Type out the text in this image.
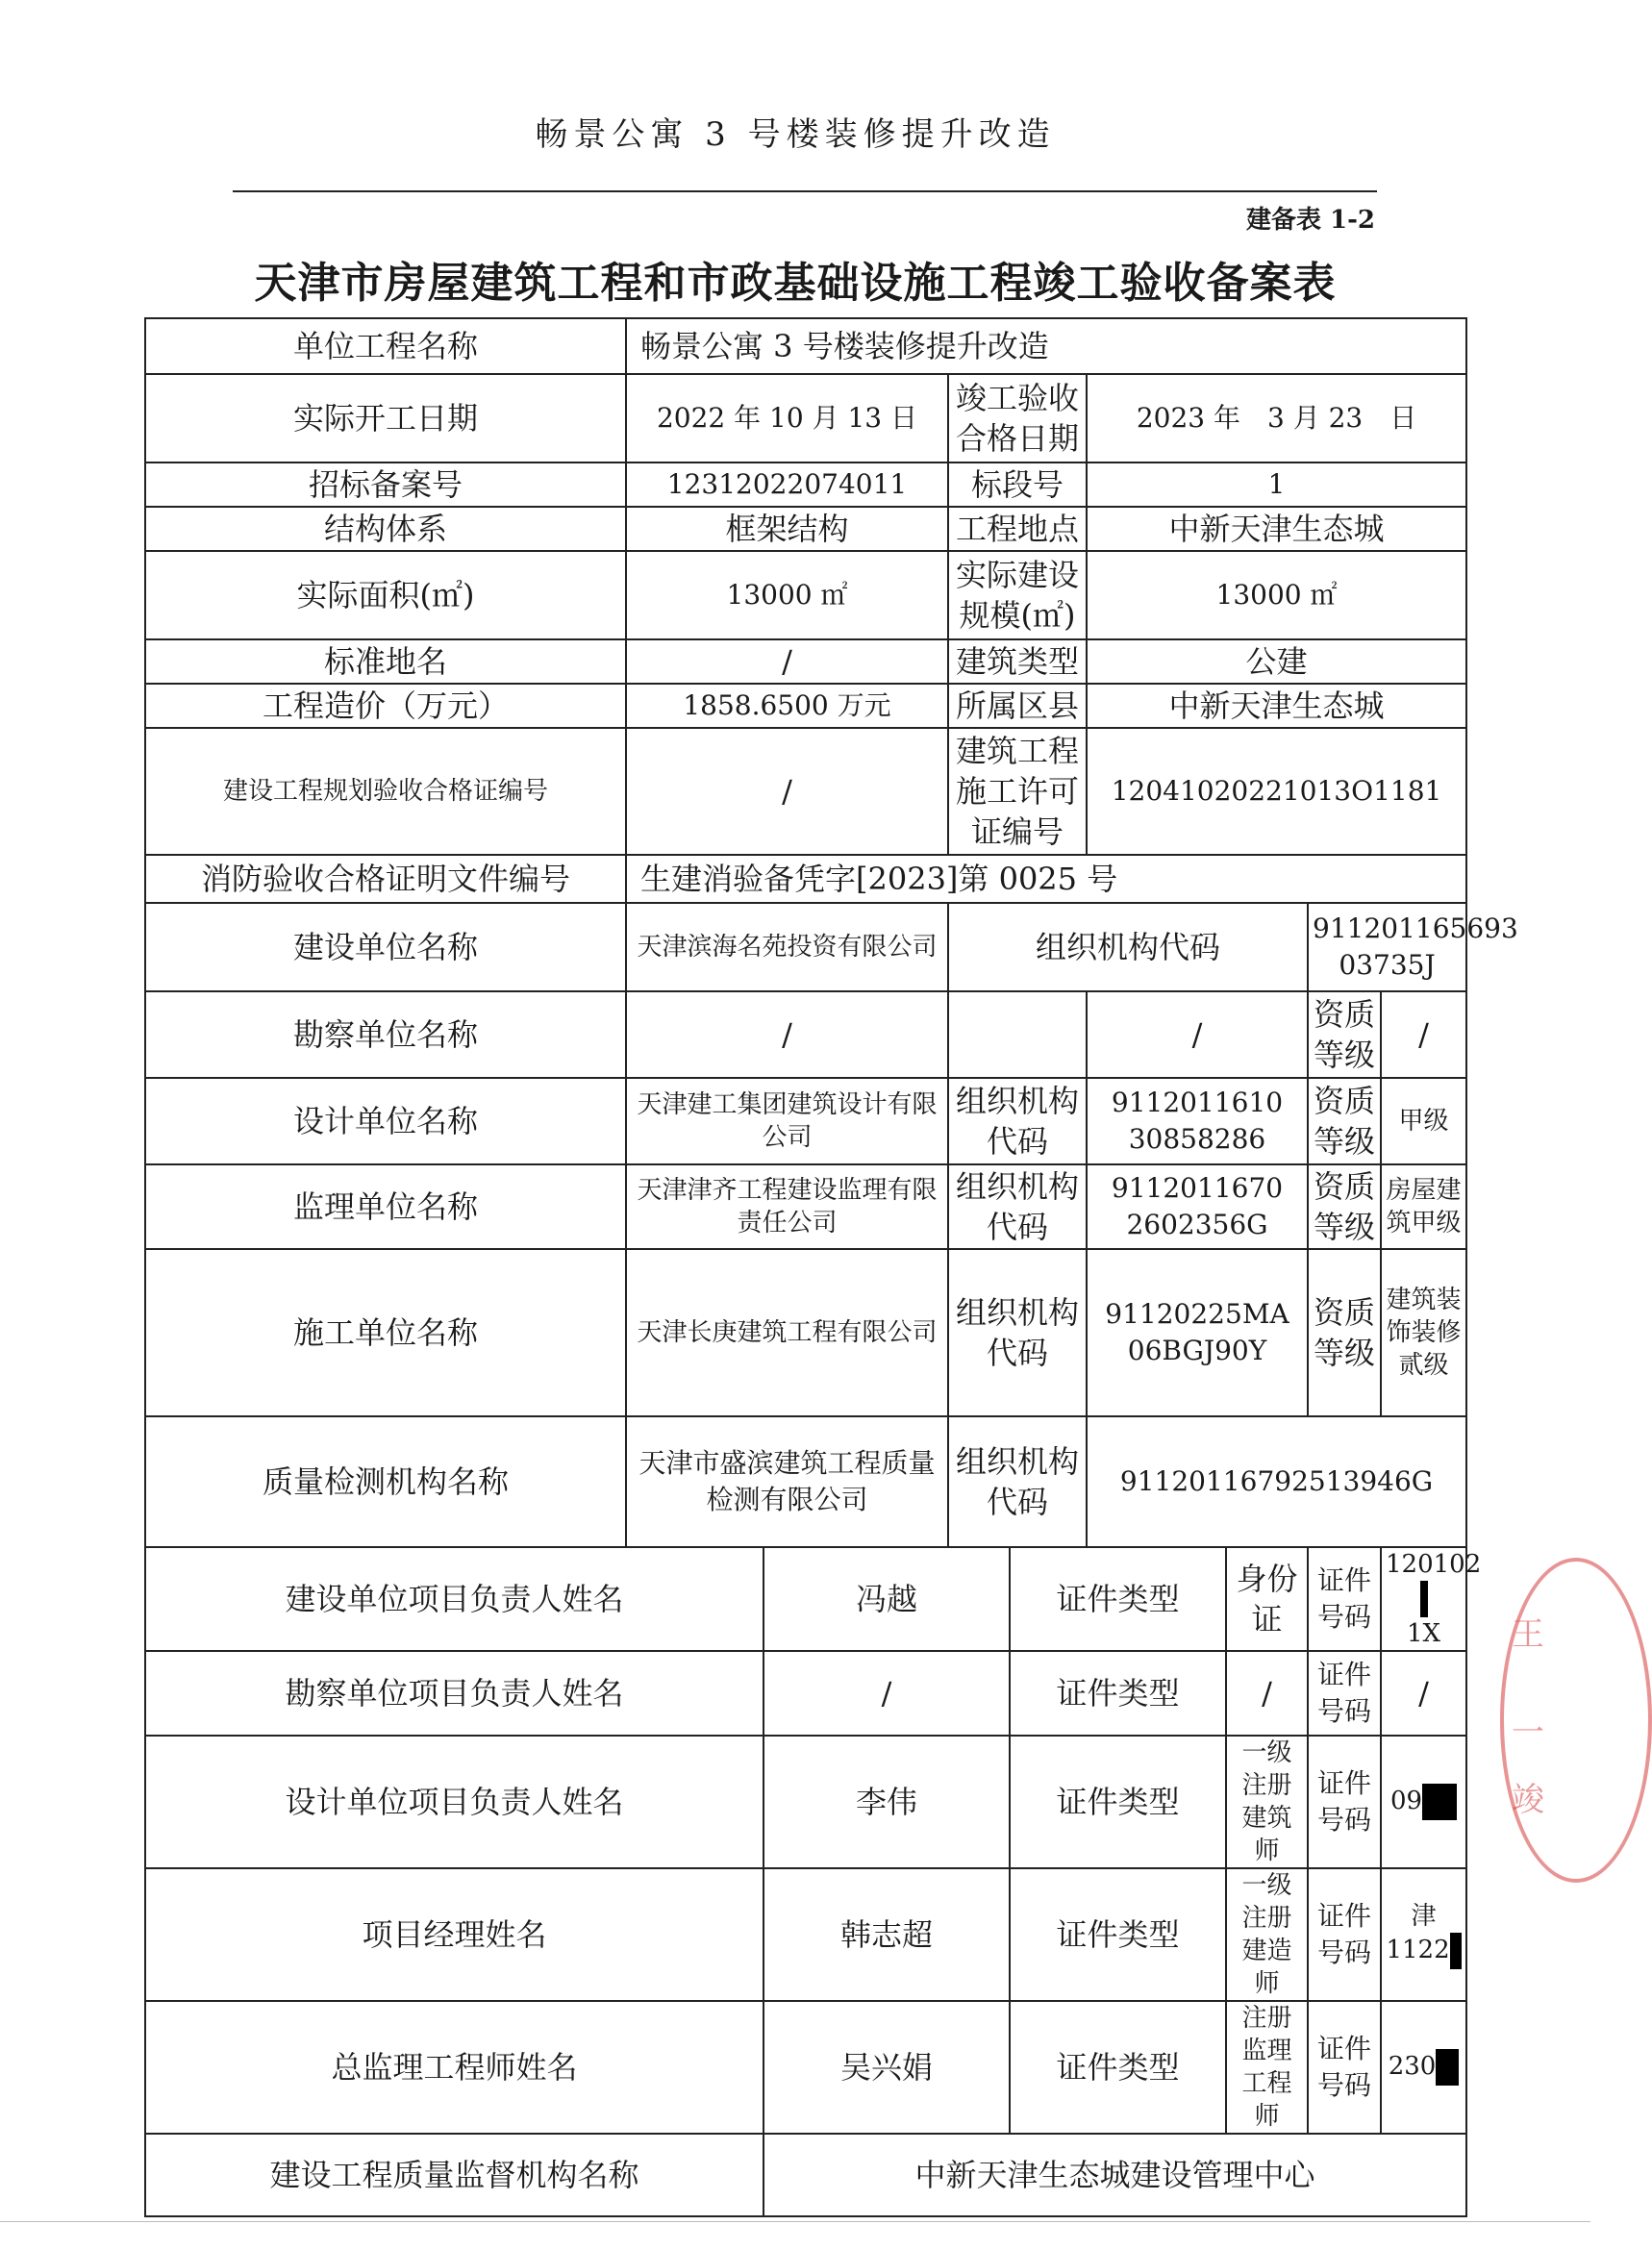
畅景公寓 3 号楼装修提升改造
建备表 1-2
天津市房屋建筑工程和市政基础设施工程竣工验收备案表
单位工程名称	畅景公寓 3 号楼装修提升改造							
实际开工日期	2022 年 10 月 13 日		竣工验收合格日期		2023 年　3 月 23　日			
招标备案号	12312022074011		标段号		1			
结构体系	框架结构		工程地点		中新天津生态城			
实际面积(㎡)	13000 ㎡		实际建设规模(㎡)		13000 ㎡			
标准地名	/		建筑类型		公建			
工程造价（万元）	1858.6500 万元		所属区县		中新天津生态城			
建设工程规划验收合格证编号	/		建筑工程施工许可证编号		12041020221013O1181			
消防验收合格证明文件编号	生建消验备凭字[2023]第 0025 号							
建设单位名称	天津滨海名苑投资有限公司		组织机构代码				911201165693 03735J	
勘察单位名称	/				/		资质等级	/
设计单位名称	天津建工集团建筑设计有限公司		组织机构代码		9112011610 30858286		资质等级	甲级
监理单位名称	天津津齐工程建设监理有限责任公司		组织机构代码		9112011670 2602356G		资质等级	房屋建筑甲级
施工单位名称	天津长庚建筑工程有限公司		组织机构代码		91120225MA 06BGJ90Y		资质等级	建筑装饰装修贰级
质量检测机构名称	天津市盛滨建筑工程质量检测有限公司		组织机构代码		91120116792513946G			
建设单位项目负责人姓名		冯越		证件类型		身份证	证件号码	120102
1X
勘察单位项目负责人姓名		/		证件类型		/	证件号码	/
设计单位项目负责人姓名		李伟		证件类型		一级注册建筑师	证件号码	09
项目经理姓名		韩志超		证件类型		一级注册建造师	证件号码	津
1122
总监理工程师姓名		吴兴娟		证件类型		注册监理工程师	证件号码	230
建设工程质量监督机构名称		中新天津生态城建设管理中心						
王
一
竣
